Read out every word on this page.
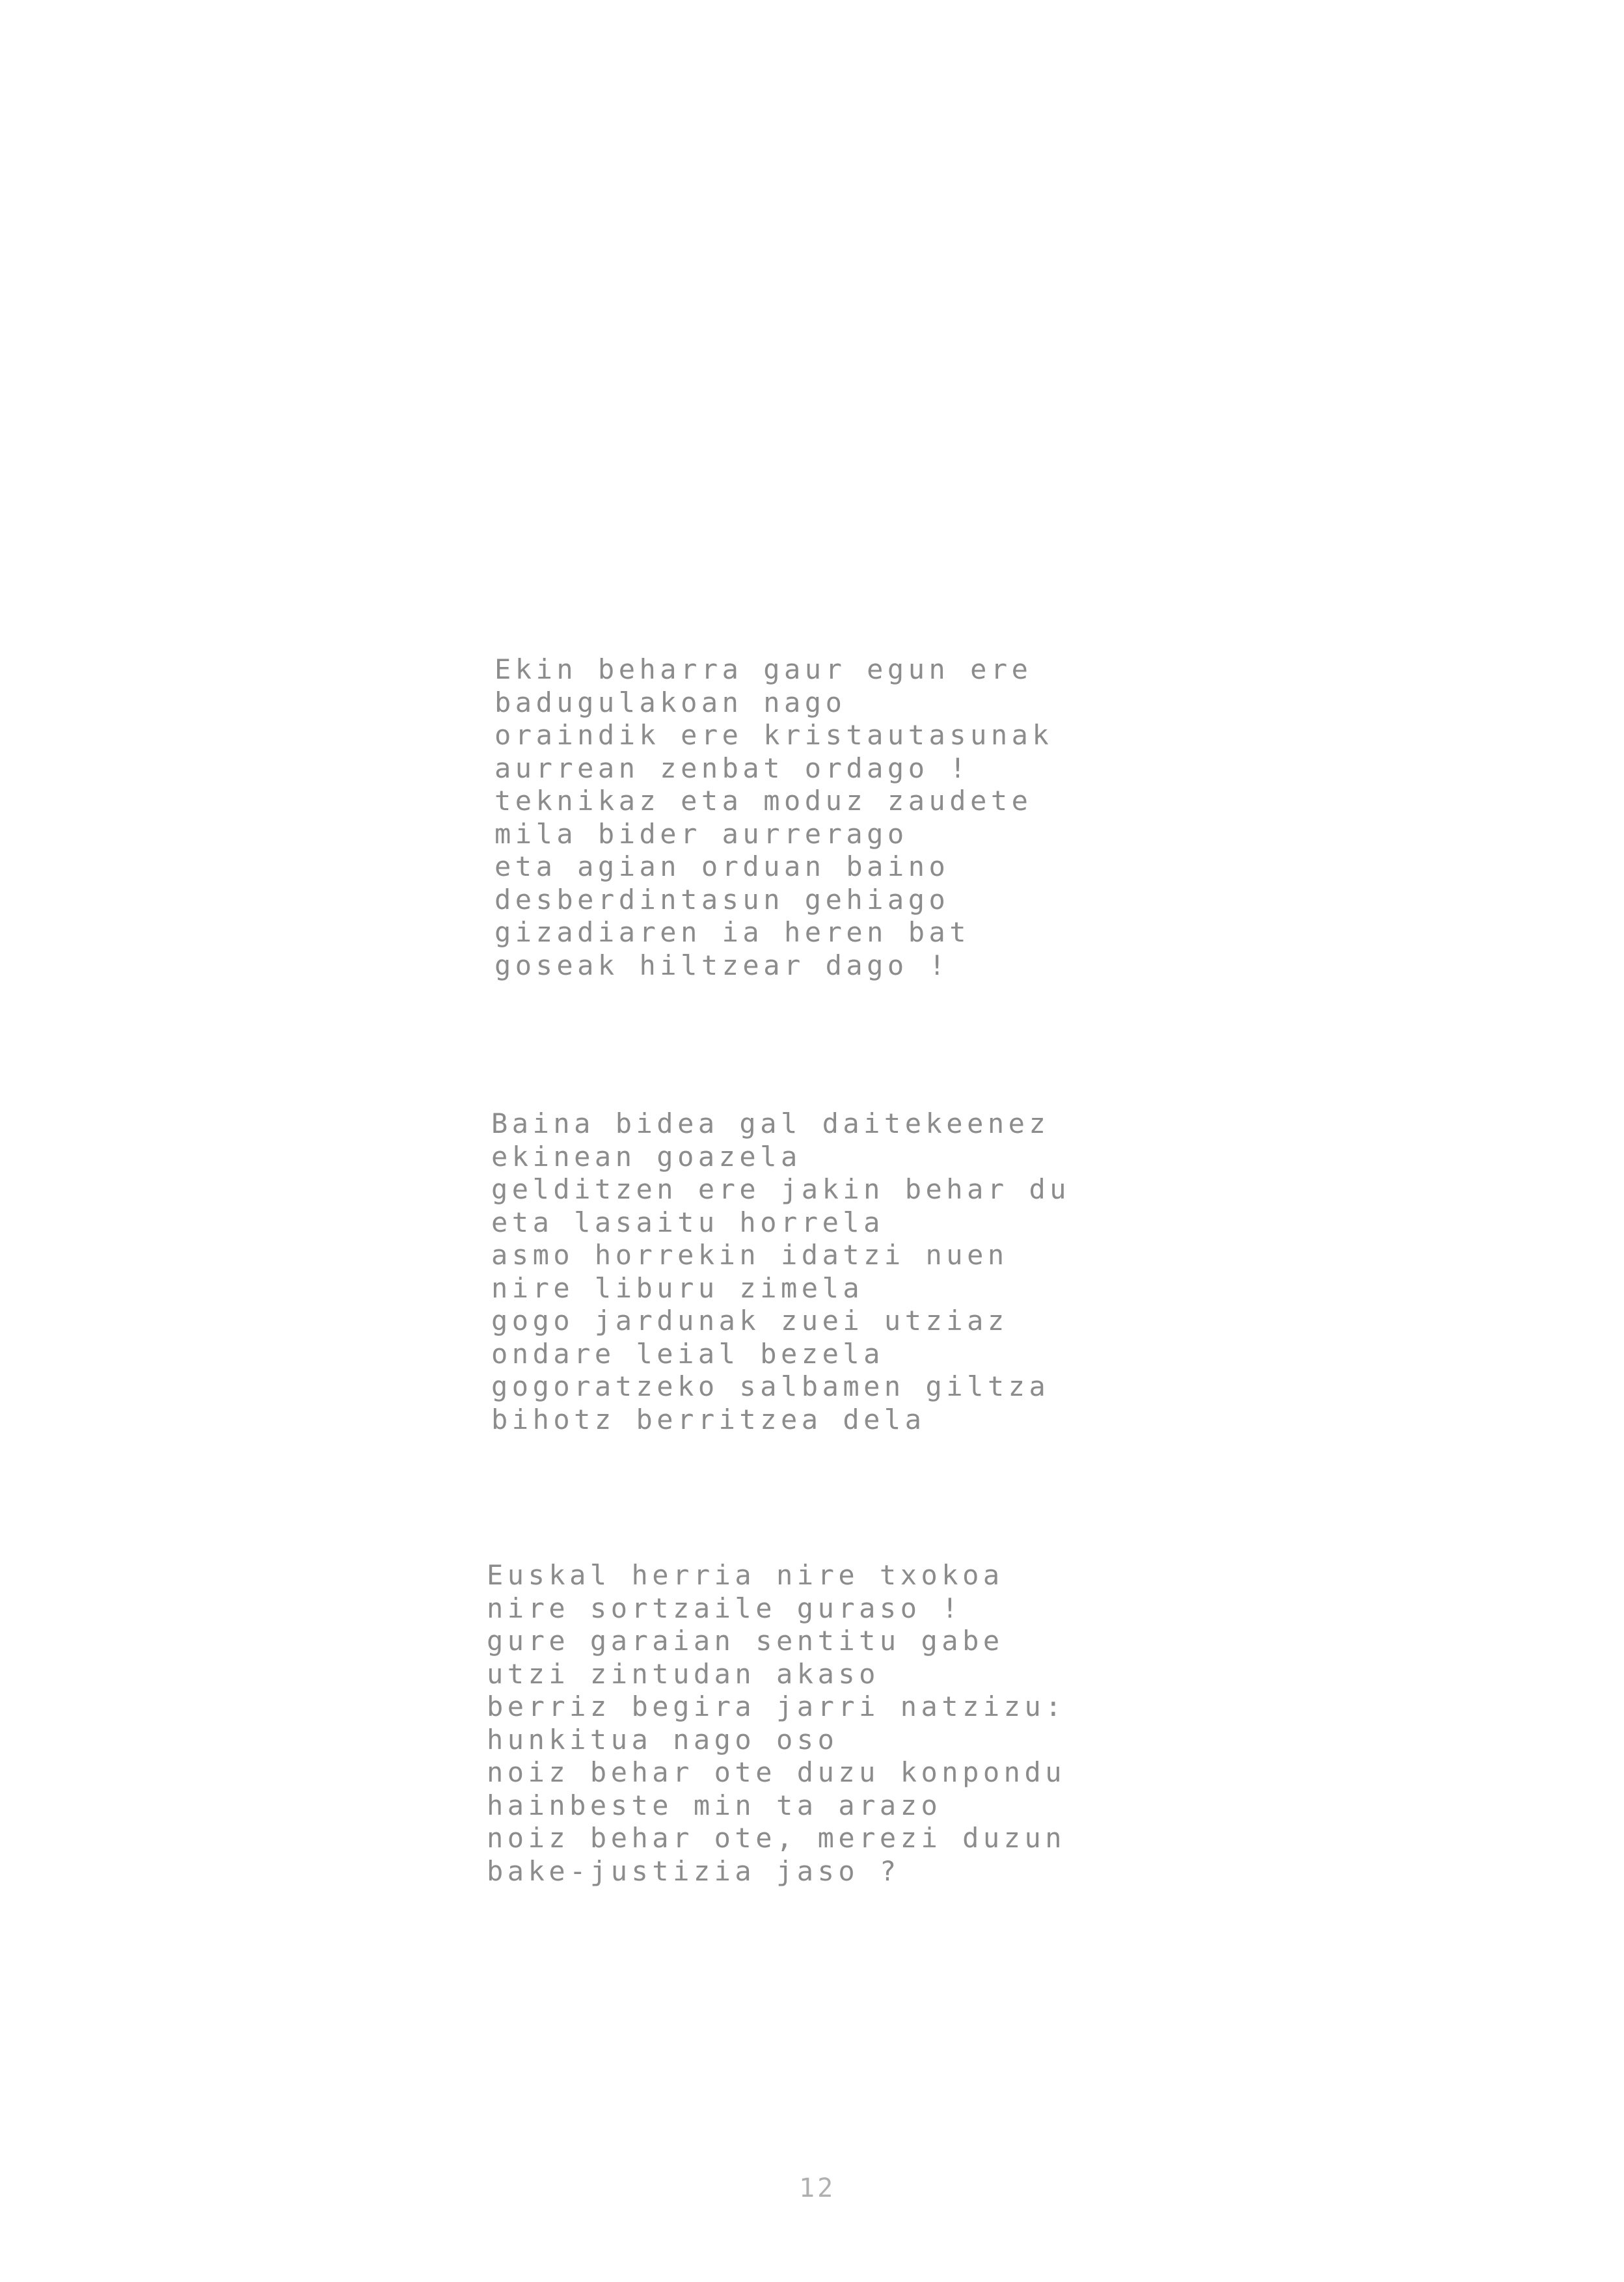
Ekin beharra gaur egun ere
badugulakoan nago
oraindik ere kristautasunak
aurrean zenbat ordago !
teknikaz eta moduz zaudete
mila bider aurrerago
eta agian orduan baino
desberdintasun gehiago
gizadiaren ia heren bat
goseak hiltzear dago !
Baina bidea gal daitekeenez
ekinean goazela
gelditzen ere jakin behar du
eta lasaitu horrela
asmo horrekin idatzi nuen
nire liburu zimela
gogo jardunak zuei utziaz
ondare leial bezela
gogoratzeko salbamen giltza
bihotz berritzea dela
Euskal herria nire txokoa
nire sortzaile guraso !
gure garaian sentitu gabe
utzi zintudan akaso
berriz begira jarri natzizu:
hunkitua nago oso
noiz behar ote duzu konpondu
hainbeste min ta arazo
noiz behar ote, merezi duzun
bake-justizia jaso ?
12
